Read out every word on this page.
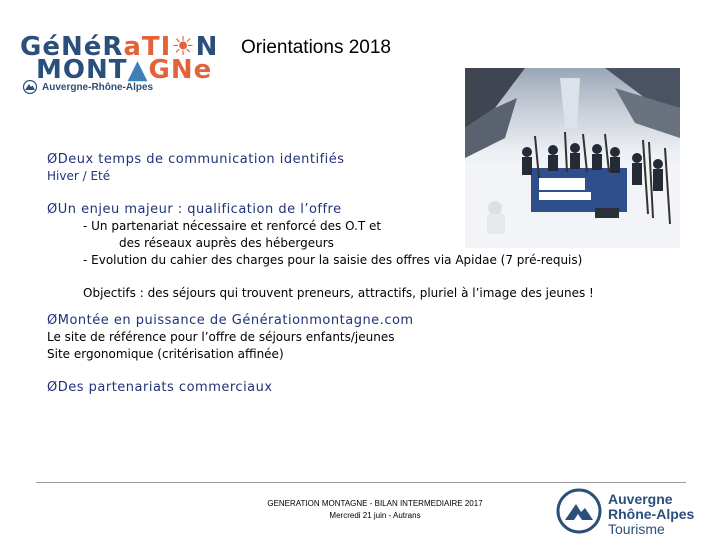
GéNéRaTI☀N
MONT▲GNe
Auvergne-Rhône-Alpes
Orientations 2018

ØDeux temps de communication identifiés

Hiver / Eté

ØUn enjeu majeur : qualification de l’offre

- Un partenariat nécessaire et renforcé des O.T et

des réseaux auprès des hébergeurs

- Evolution du cahier des charges pour la saisie des offres via Apidae (7 pré-requis)

Objectifs : des séjours qui trouvent preneurs, attractifs, pluriel à l’image des jeunes !

ØMontée en puissance de Générationmontagne.com

Le site de référence pour l’offre de séjours enfants/jeunes

Site ergonomique (critérisation affinée)

ØDes partenariats commerciaux

GENERATION MONTAGNE - BILAN INTERMEDIAIRE 2017
Mercredi 21 juin - Autrans
Auvergne
Rhône-Alpes
Tourisme
